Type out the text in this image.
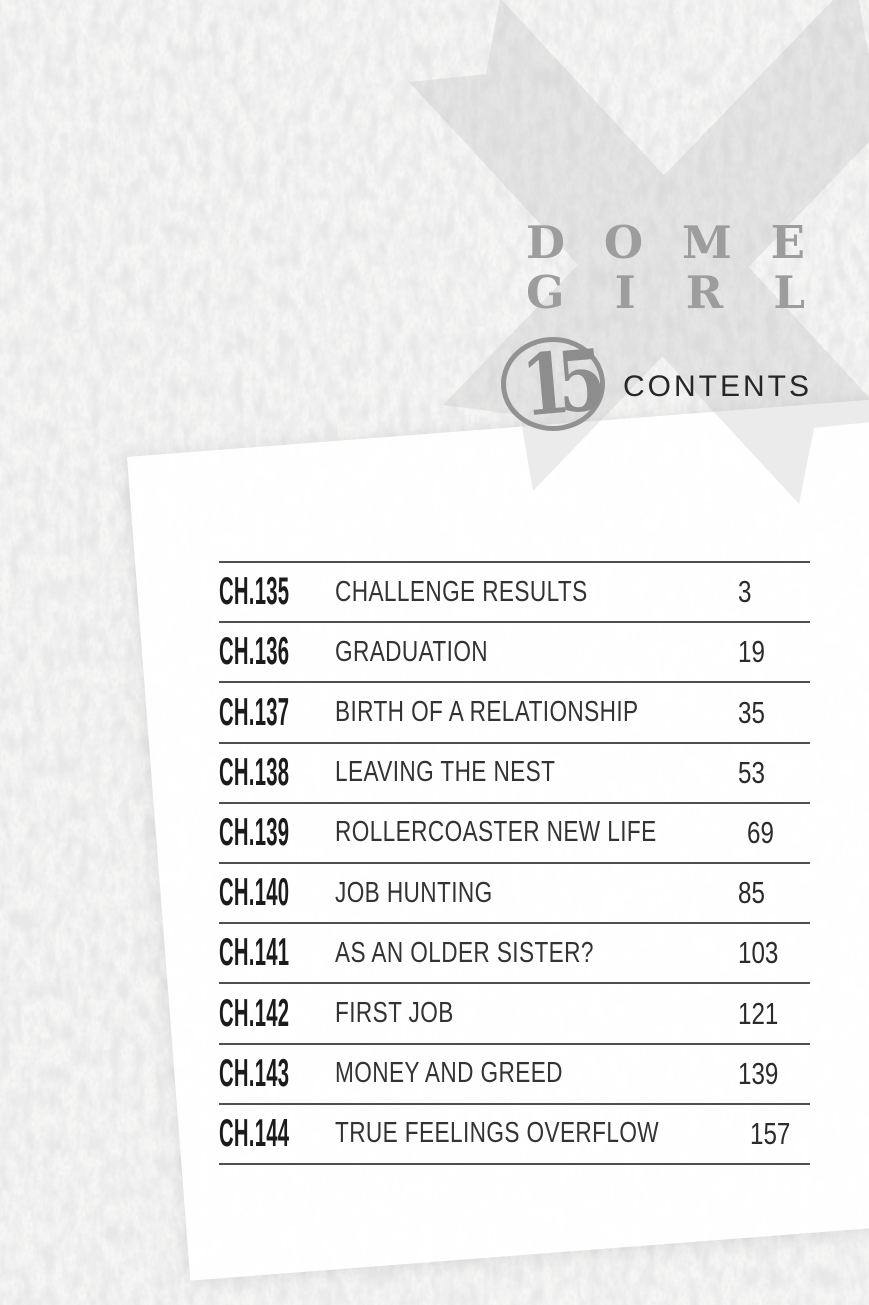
D O M E
G I R L
15 CONTENTS
CH.135	CHALLENGE RESULTS	3
CH.136	GRADUATION	19
CH.137	BIRTH OF A RELATIONSHIP	35
CH.138	LEAVING THE NEST	53
CH.139	ROLLERCOASTER NEW LIFE	69
CH.140	JOB HUNTING	85
CH.141	AS AN OLDER SISTER?	103
CH.142	FIRST JOB	121
CH.143	MONEY AND GREED	139
CH.144	TRUE FEELINGS OVERFLOW	157
